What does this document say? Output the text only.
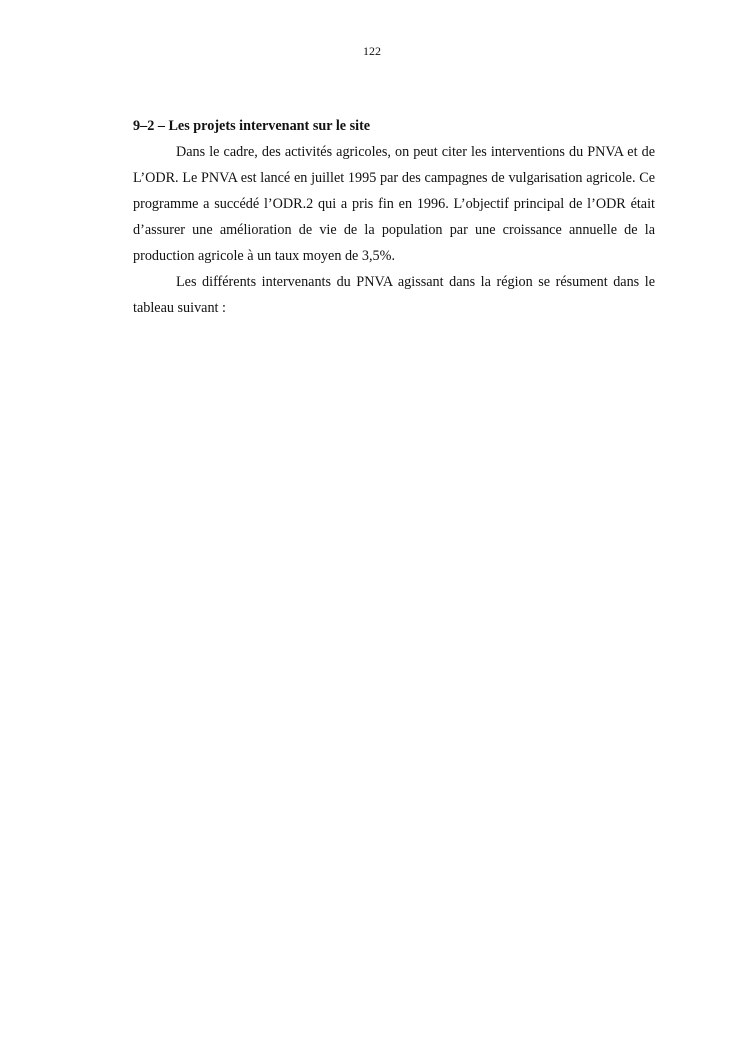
122

9–2 – Les projets intervenant sur le site

Dans le cadre, des activités agricoles, on peut citer les interventions du PNVA et de L’ODR. Le PNVA est lancé en juillet 1995 par des campagnes de vulgarisation agricole. Ce programme a succédé l’ODR.2 qui a pris fin en 1996. L’objectif principal de l’ODR était d’assurer une amélioration de vie de la population par une croissance annuelle de la production agricole à un taux moyen de 3,5%.

Les différents intervenants du PNVA agissant dans la région se résument dans le tableau suivant :
